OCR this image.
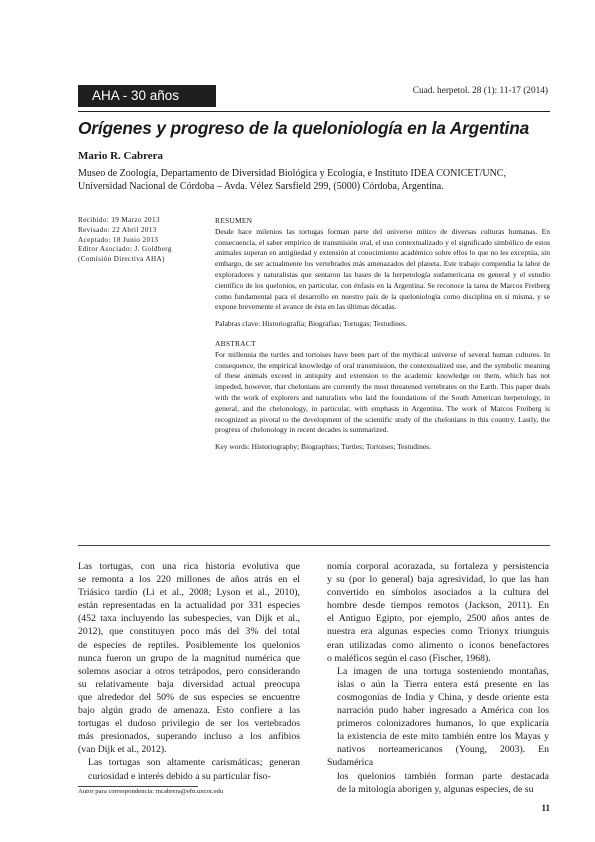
AHA - 30 años	Cuad. herpetol. 28 (1): 11-17 (2014)
Orígenes y progreso de la queloniología en la Argentina
Mario R. Cabrera
Museo de Zoología, Departamento de Diversidad Biológica y Ecología, e Instituto IDEA CONICET/UNC, Universidad Nacional de Córdoba – Avda. Vélez Sarsfield 299, (5000) Córdoba, Argentina.
Recibido: 19 Marzo 2013
Revisado: 22 Abril 2013
Aceptado: 18 Junio 2013
Editor Asociado: J. Goldberg
(Comisión Directiva AHA)

RESUMEN

Desde hace milenios las tortugas forman parte del universo mítico de diversas culturas humanas. En consecuencia, el saber empírico de transmisión oral, el uso contextualizado y el significado simbólico de estos animales superan en antigüedad y extensión al conocimiento académico sobre ellos lo que no les exceptúa, sin embargo, de ser actualmente los vertebrados más amenazados del planeta. Este trabajo compendia la labor de exploradores y naturalistas que sentaron las bases de la herpetología sudamericana en general y el estudio científico de los quelonios, en particular, con énfasis en la Argentina. Se reconoce la tarea de Marcos Freiberg como fundamental para el desarrollo en nuestro país de la queloniología como disciplina en sí misma, y se expone brevemente el avance de ésta en las últimas décadas.

Palabras clave: Historiografía; Biografías; Tortugas; Testudines.

ABSTRACT

For millennia the turtles and tortoises have been part of the mythical universe of several human cultures. In consequence, the empirical knowledge of oral transmission, the contextualized use, and the symbolic meaning of these animals exceed in antiquity and extension to the academic knowledge on them, which has not impeded, however, that chelonians are currently the most threatened vertebrates on the Earth. This paper deals with the work of explorers and naturalists who laid the foundations of the South American herpetology, in general, and the chelonology, in particular, with emphasis in Argentina. The work of Marcos Freiberg is recognized as pivotal to the development of the scientific study of the chelonians in this country. Lastly, the progress of chelonology in recent decades is summarized.

Key words: Historiography; Biographies; Turtles; Tortoises; Testudines.

Las tortugas, con una rica historia evolutiva que
se remonta a los 220 millones de años atrás en el
Triásico tardío (Li et al., 2008; Lyson et al., 2010),
están representadas en la actualidad por 331 especies
(452 taxa incluyendo las subespecies, van Dijk et al.,
2012), que constituyen poco más del 3% del total
de especies de reptiles. Posiblemente los quelonios
nunca fueron un grupo de la magnitud numérica que
solemos asociar a otros tetrápodos, pero considerando
su relativamente baja diversidad actual preocupa
que alrededor del 50% de sus especies se encuentre
bajo algún grado de amenaza. Esto confiere a las
tortugas el dudoso privilegio de ser los vertebrados
más presionados, superando incluso a los anfibios
(van Dijk et al., 2012).

Las tortugas son altamente carismáticas; generan
curiosidad e interés debido a su particular fiso-

nomía corporal acorazada, su fortaleza y persistencia
y su (por lo general) baja agresividad, lo que las han
convertido en símbolos asociados a la cultura del
hombre desde tiempos remotos (Jackson, 2011). En
el Antiguo Egipto, por ejemplo, 2500 años antes de
nuestra era algunas especies como Trionyx triunguis
eran utilizadas como alimento o íconos benefactores
o maléficos según el caso (Fischer, 1968).

La imagen de una tortuga sosteniendo montañas,
islas o aún la Tierra entera está presente en las
cosmogonías de India y China, y desde oriente esta
narración pudo haber ingresado a América con los
primeros colonizadores humanos, lo que explicaría
la existencia de este mito también entre los Mayas y
nativos norteamericanos (Young, 2003). En Sudamérica
los quelonios también forman parte destacada
de la mitología aborigen y, algunas especies, de su

Autor para correspondencia: mcabrera@efn.uncor.edu
11
